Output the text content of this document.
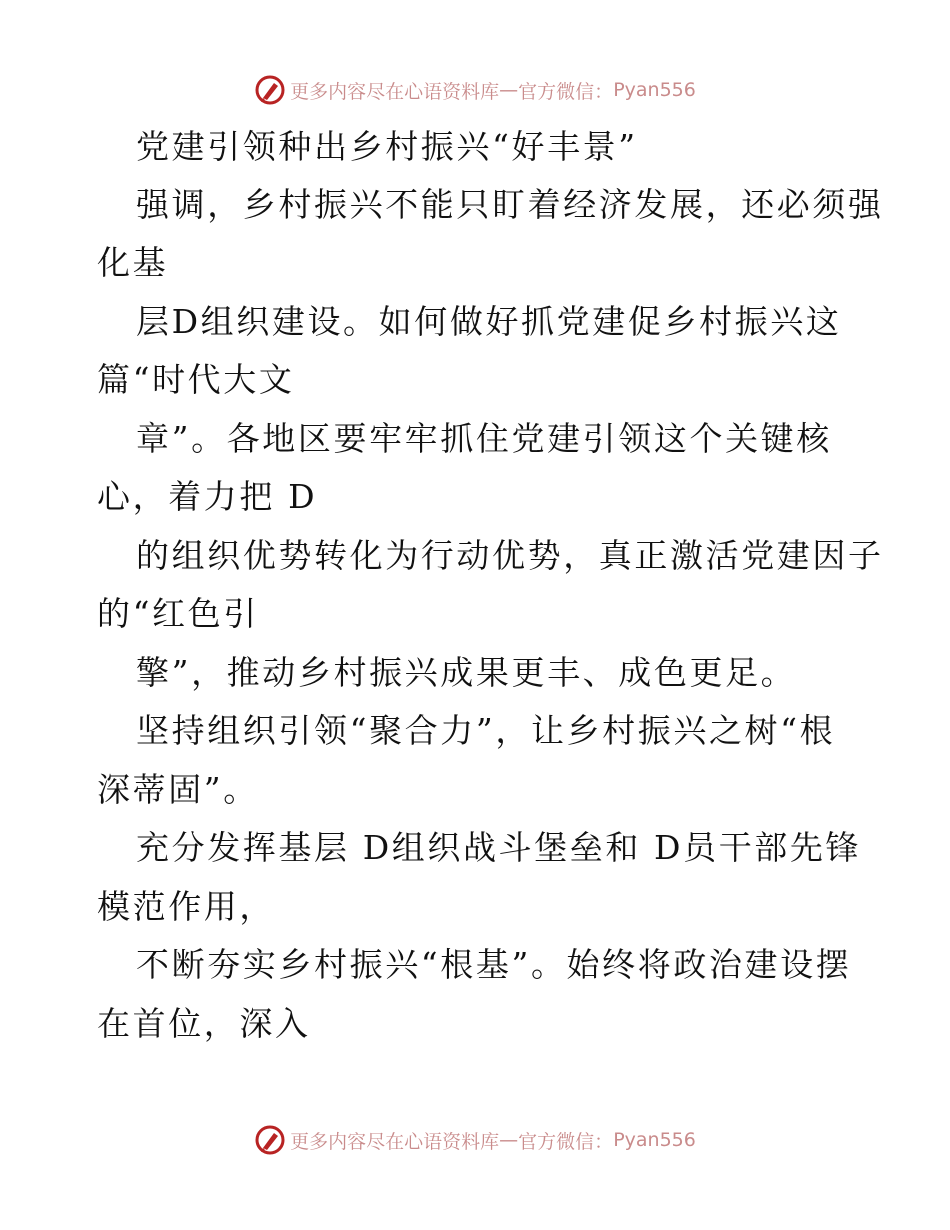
更多内容尽在心语资料库 — 官方微信： Pyan556
党建引领种出乡村振兴“好丰景”
强调，乡村振兴不能只盯着经济发展，还必须强
化基
层D组织建设。如何做好抓党建促乡村振兴这
篇“时代大文
章”。各地区要牢牢抓住党建引领这个关键核
心，着力把 D
的组织优势转化为行动优势，真正激活党建因子
的“红色引
擎”，推动乡村振兴成果更丰、成色更足。
坚持组织引领“聚合力”，让乡村振兴之树“根
深蒂固”。
充分发挥基层 D组织战斗堡垒和 D员干部先锋
模范作用，
不断夯实乡村振兴“根基”。始终将政治建设摆
在首位，深入
更多内容尽在心语资料库 — 官方微信： Pyan556
